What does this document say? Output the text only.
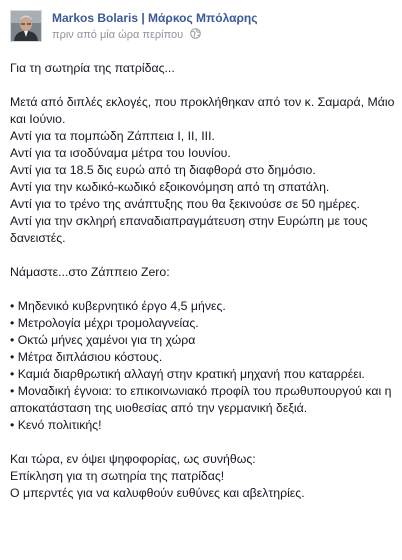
Markos Bolaris | Μάρκος Μπόλαρης
πριν από μία ώρα περίπου
Για τη σωτηρία της πατρίδας...
Μετά από διπλές εκλογές, που προκλήθηκαν από τον κ. Σαμαρά, Μάιο και Ιούνιο.
Αντί για τα πομπώδη Ζάππεια I, II, III.
Αντί για τα ισοδύναμα μέτρα του Ιουνίου.
Αντί για τα 18.5 δις ευρώ από τη διαφθορά στο δημόσιο.
Αντί για την κωδικό-κωδικό εξοικονόμηση από τη σπατάλη.
Αντί για το τρένο της ανάπτυξης που θα ξεκινούσε σε 50 ημέρες.
Αντί για την σκληρή επαναδιαπραγμάτευση στην Ευρώπη με τους δανειστές.
Νάμαστε...στο Ζάππειο Zero:
• Μηδενικό κυβερνητικό έργο 4,5 μήνες.
• Μετρολογία μέχρι τρομολαγνείας.
• Οκτώ μήνες χαμένοι για τη χώρα
• Μέτρα διπλάσιου κόστους.
• Καμιά διαρθρωτική αλλαγή στην κρατική μηχανή που καταρρέει.
• Μοναδική έγνοια: το επικοινωνιακό προφίλ του πρωθυπουργού και η αποκατάσταση της υιοθεσίας από την γερμανική δεξιά.
• Κενό πολιτικής!
Και τώρα, εν όψει ψηφοφορίας, ως συνήθως:
Επίκληση για τη σωτηρία της πατρίδας!
Ο μπερντές για να καλυφθούν ευθύνες και αβελτηρίες.
